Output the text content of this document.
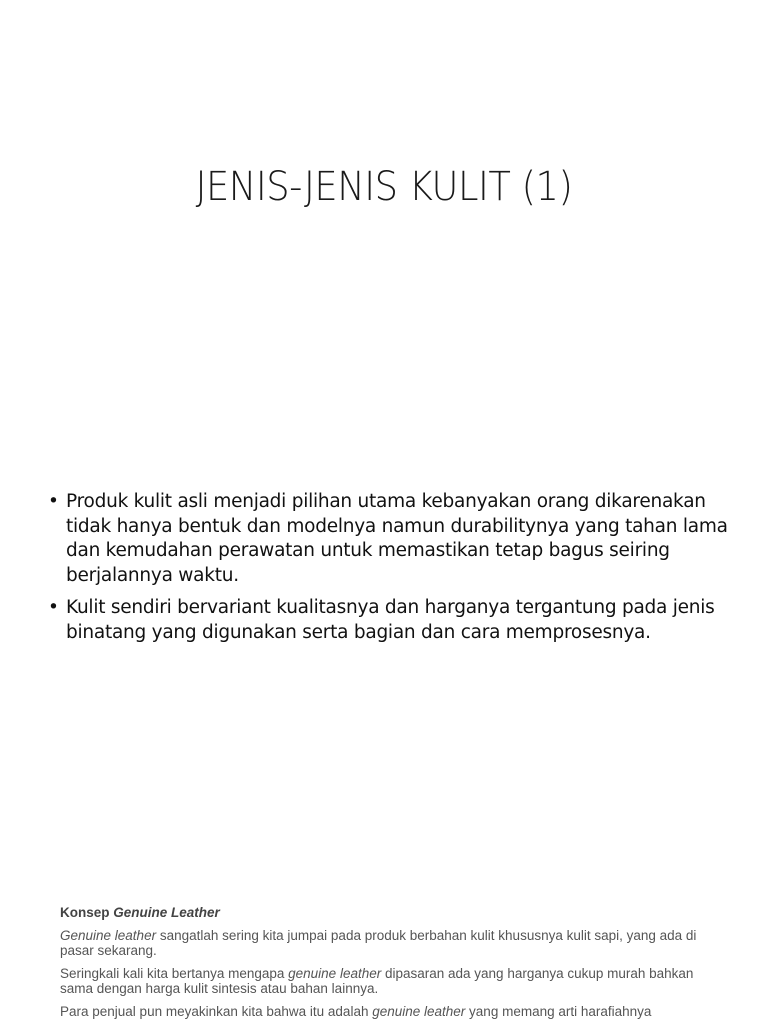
JENIS-JENIS KULIT (1)
• Produk kulit asli menjadi pilihan utama kebanyakan orang dikarenakan tidak hanya bentuk dan modelnya namun durabilitynya yang tahan lama dan kemudahan perawatan untuk memastikan tetap bagus seiring berjalannya waktu.
• Kulit sendiri bervariant kualitasnya dan harganya tergantung pada jenis binatang yang digunakan serta bagian dan cara memprosesnya.

Konsep Genuine Leather

Genuine leather sangatlah sering kita jumpai pada produk berbahan kulit khususnya kulit sapi, yang ada di pasar sekarang.

Seringkali kali kita bertanya mengapa genuine leather dipasaran ada yang harganya cukup murah bahkan sama dengan harga kulit sintesis atau bahan lainnya.

Para penjual pun meyakinkan kita bahwa itu adalah genuine leather yang memang arti harafiahnya
